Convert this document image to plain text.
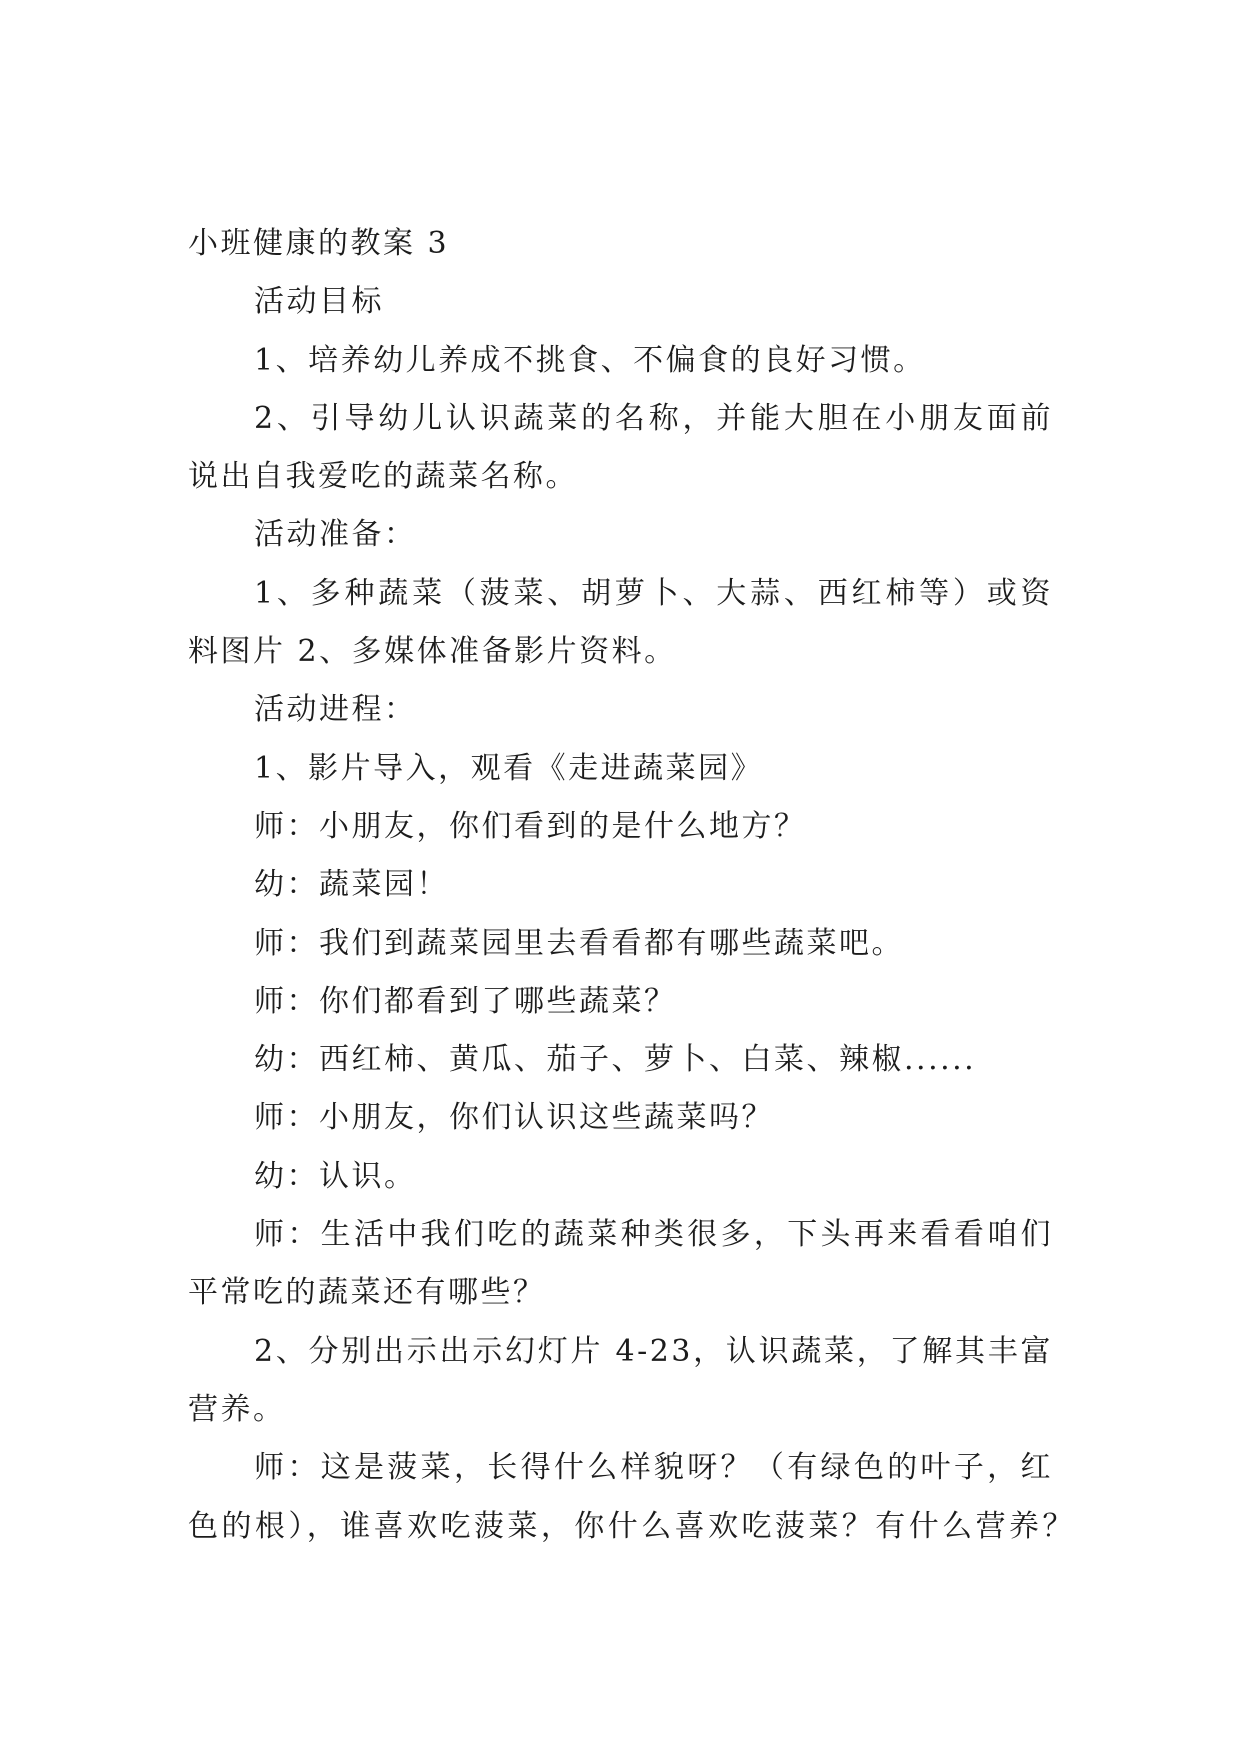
小班健康的教案 3
活动目标
1、培养幼儿养成不挑食、不偏食的良好习惯。
2、引导幼儿认识蔬菜的名称，并能大胆在小朋友面前
说出自我爱吃的蔬菜名称。
活动准备：
1、多种蔬菜（菠菜、胡萝卜、大蒜、西红柿等）或资
料图片 2、多媒体准备影片资料。
活动进程：
1、影片导入，观看《走进蔬菜园》
师：小朋友，你们看到的是什么地方？
幼：蔬菜园！
师：我们到蔬菜园里去看看都有哪些蔬菜吧。
师：你们都看到了哪些蔬菜？
幼：西红柿、黄瓜、茄子、萝卜、白菜、辣椒......
师：小朋友，你们认识这些蔬菜吗？
幼：认识。
师：生活中我们吃的蔬菜种类很多，下头再来看看咱们
平常吃的蔬菜还有哪些？
2、分别出示出示幻灯片 4-23，认识蔬菜，了解其丰富
营养。
师：这是菠菜，长得什么样貌呀？（有绿色的叶子，红
色的根），谁喜欢吃菠菜，你什么喜欢吃菠菜？有什么营养？
